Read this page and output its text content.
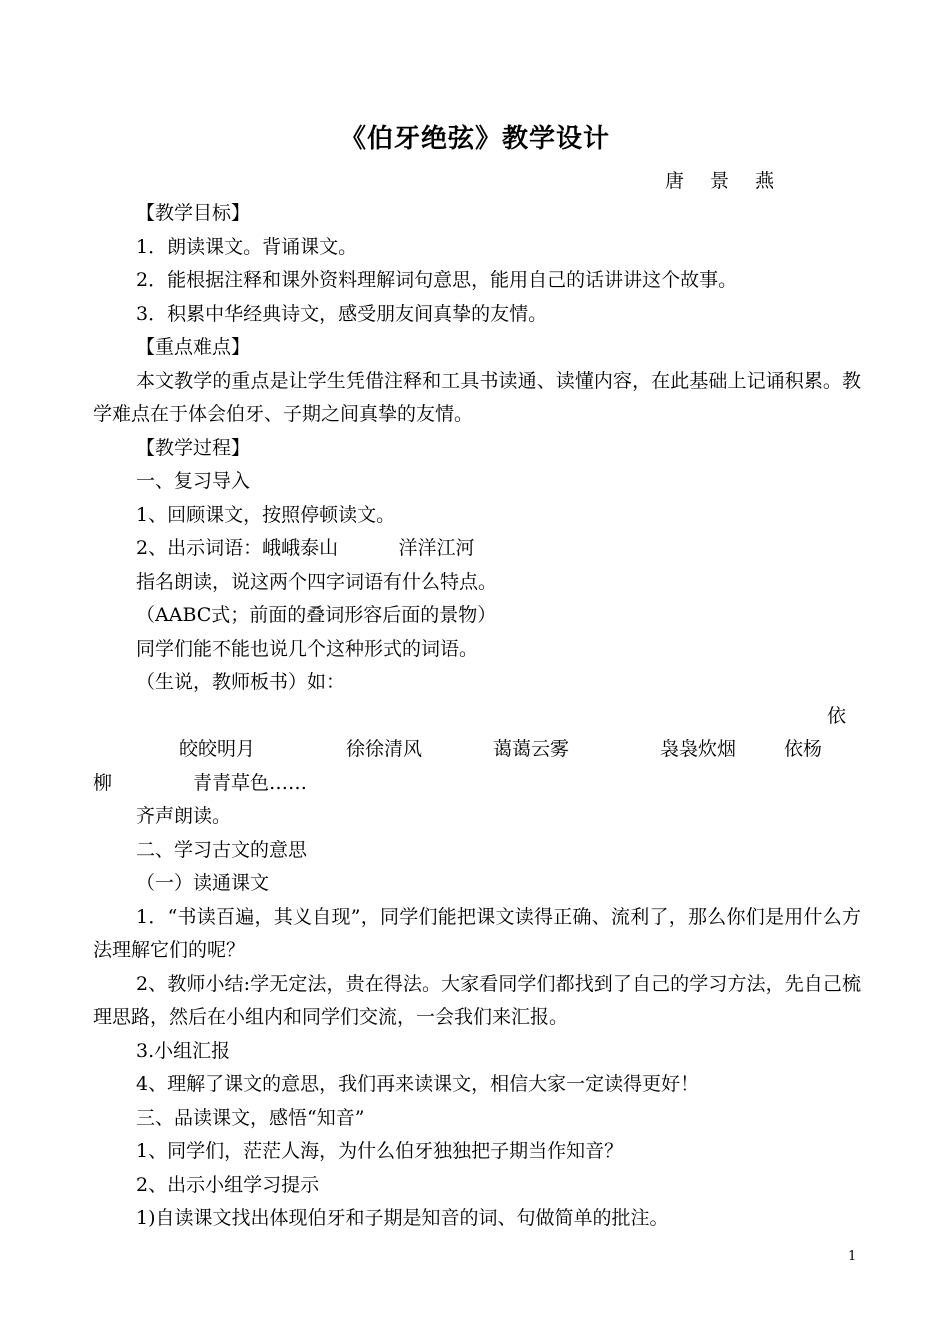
《伯牙绝弦》教学设计
唐 景 燕

【教学目标】

1．朗读课文。背诵课文。

2．能根据注释和课外资料理解词句意思，能用自己的话讲讲这个故事。

3．积累中华经典诗文，感受朋友间真挚的友情。

【重点难点】

本文教学的重点是让学生凭借注释和工具书读通、读懂内容，在此基础上记诵积累。教学难点在于体会伯牙、子期之间真挚的友情。

【教学过程】

一、复习导入

1、回顾课文，按照停顿读文。

2、出示词语：峨峨泰山          洋洋江河

指名朗读，说这两个四字词语有什么特点。

（AABC式；前面的叠词形容后面的景物）

同学们能不能也说几个这种形式的词语。

（生说，教师板书）如：

皎皎明月	徐徐清风	蔼蔼云雾	袅袅炊烟依依杨
柳	青青草色……

齐声朗读。

二、学习古文的意思

（一）读通课文

1．“书读百遍，其义自现”，同学们能把课文读得正确、流利了，那么你们是用什么方法理解它们的呢？

2、教师小结:学无定法，贵在得法。大家看同学们都找到了自己的学习方法，先自己梳理思路，然后在小组内和同学们交流，一会我们来汇报。

3.小组汇报

4、理解了课文的意思，我们再来读课文，相信大家一定读得更好！

三、品读课文，感悟“知音”

1、同学们，茫茫人海，为什么伯牙独独把子期当作知音？

2、出示小组学习提示

1)自读课文找出体现伯牙和子期是知音的词、句做简单的批注。

1
